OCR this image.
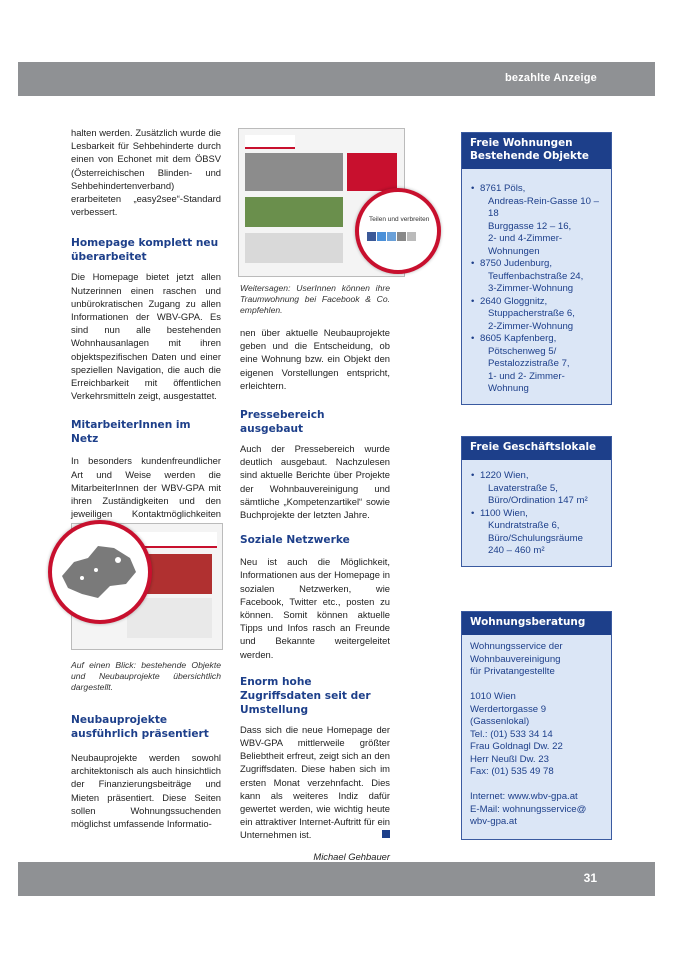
bezahlte Anzeige

halten werden. Zusätzlich wurde die Lesbarkeit für Sehbehinderte durch einen von Echonet mit dem ÖBSV (Österreichischen Blinden- und Sehbehindertenverband) erarbeiteten „easy2see“-Standard verbessert.

Homepage komplett neu überarbeitet

Die Homepage bietet jetzt allen Nutzerinnen einen raschen und unbürokratischen Zugang zu allen Informationen der WBV-GPA. Es sind nun alle bestehenden Wohnhausanlagen mit ihren objektspezifischen Daten und einer speziellen Navigation, die auch die Erreichbarkeit mit öffentlichen Verkehrsmitteln zeigt, ausgestattet.

MitarbeiterInnen im Netz

In besonders kundenfreundlicher Art und Weise werden die MitarbeiterInnen der WBV-GPA mit ihren Zuständigkeiten und den jeweiligen Kontaktmöglichkeiten

Auf einen Blick: bestehende Objekte und Neubauprojekte übersichtlich dargestellt.

Neubauprojekte ausführlich präsentiert

Neubauprojekte werden sowohl architektonisch als auch hinsichtlich der Finanzierungsbeiträge und Mieten präsentiert. Diese Seiten sollen Wohnungssuchenden möglichst umfassende Informatio-

Teilen und verbreiten

Weitersagen: UserInnen können ihre Traumwohnung bei Facebook & Co. empfehlen.

nen über aktuelle Neubauprojekte geben und die Entscheidung, ob eine Wohnung bzw. ein Objekt den eigenen Vorstellungen entspricht, erleichtern.

Pressebereich ausgebaut

Auch der Pressebereich wurde deutlich ausgebaut. Nachzulesen sind aktuelle Berichte über Projekte der Wohnbauvereinigung und sämtliche „Kompetenzartikel“ sowie Buchprojekte der letzten Jahre.

Soziale Netzwerke

Neu ist auch die Möglichkeit, Informationen aus der Homepage in sozialen Netzwerken, wie Facebook, Twitter etc., posten zu können. Somit können aktuelle Tipps und Infos rasch an Freunde und Bekannte weitergeleitet werden.

Enorm hohe Zugriffsdaten seit der Umstellung

Dass sich die neue Homepage der WBV-GPA mittlerweile größter Beliebtheit erfreut, zeigt sich an den Zugriffsdaten. Diese haben sich im ersten Monat verzehnfacht. Dies kann als weiteres Indiz dafür gewertet werden, wie wichtig heute ein attraktiver Internet-Auftritt für ein Unternehmen ist.

Michael Gehbauer

Freie Wohnungen Bestehende Objekte
• 8761 Pöls,
Andreas-Rein-Gasse 10 – 18
Burggasse 12 – 16,
2- und 4-Zimmer-
Wohnungen
• 8750 Judenburg,
Teuffenbachstraße 24,
3-Zimmer-Wohnung
• 2640 Gloggnitz,
Stuppacherstraße 6,
2-Zimmer-Wohnung
• 8605 Kapfenberg,
Pötschenweg 5/
Pestalozzistraße 7,
1- und 2- Zimmer-Wohnung
Freie Geschäftslokale
• 1220 Wien,
Lavaterstraße 5,
Büro/Ordination 147 m²
• 1100 Wien,
Kundratstraße 6,
Büro/Schulungsräume
240 – 460 m²
Wohnungsberatung
Wohnungsservice der
Wohnbauvereinigung
für Privatangestellte
1010 Wien
Werdertorgasse 9
(Gassenlokal)
Tel.: (01) 533 34 14
Frau Goldnagl Dw. 22
Herr Neußl Dw. 23
Fax: (01) 535 49 78
Internet: www.wbv-gpa.at
E-Mail: wohnungsservice@
wbv-gpa.at
31
